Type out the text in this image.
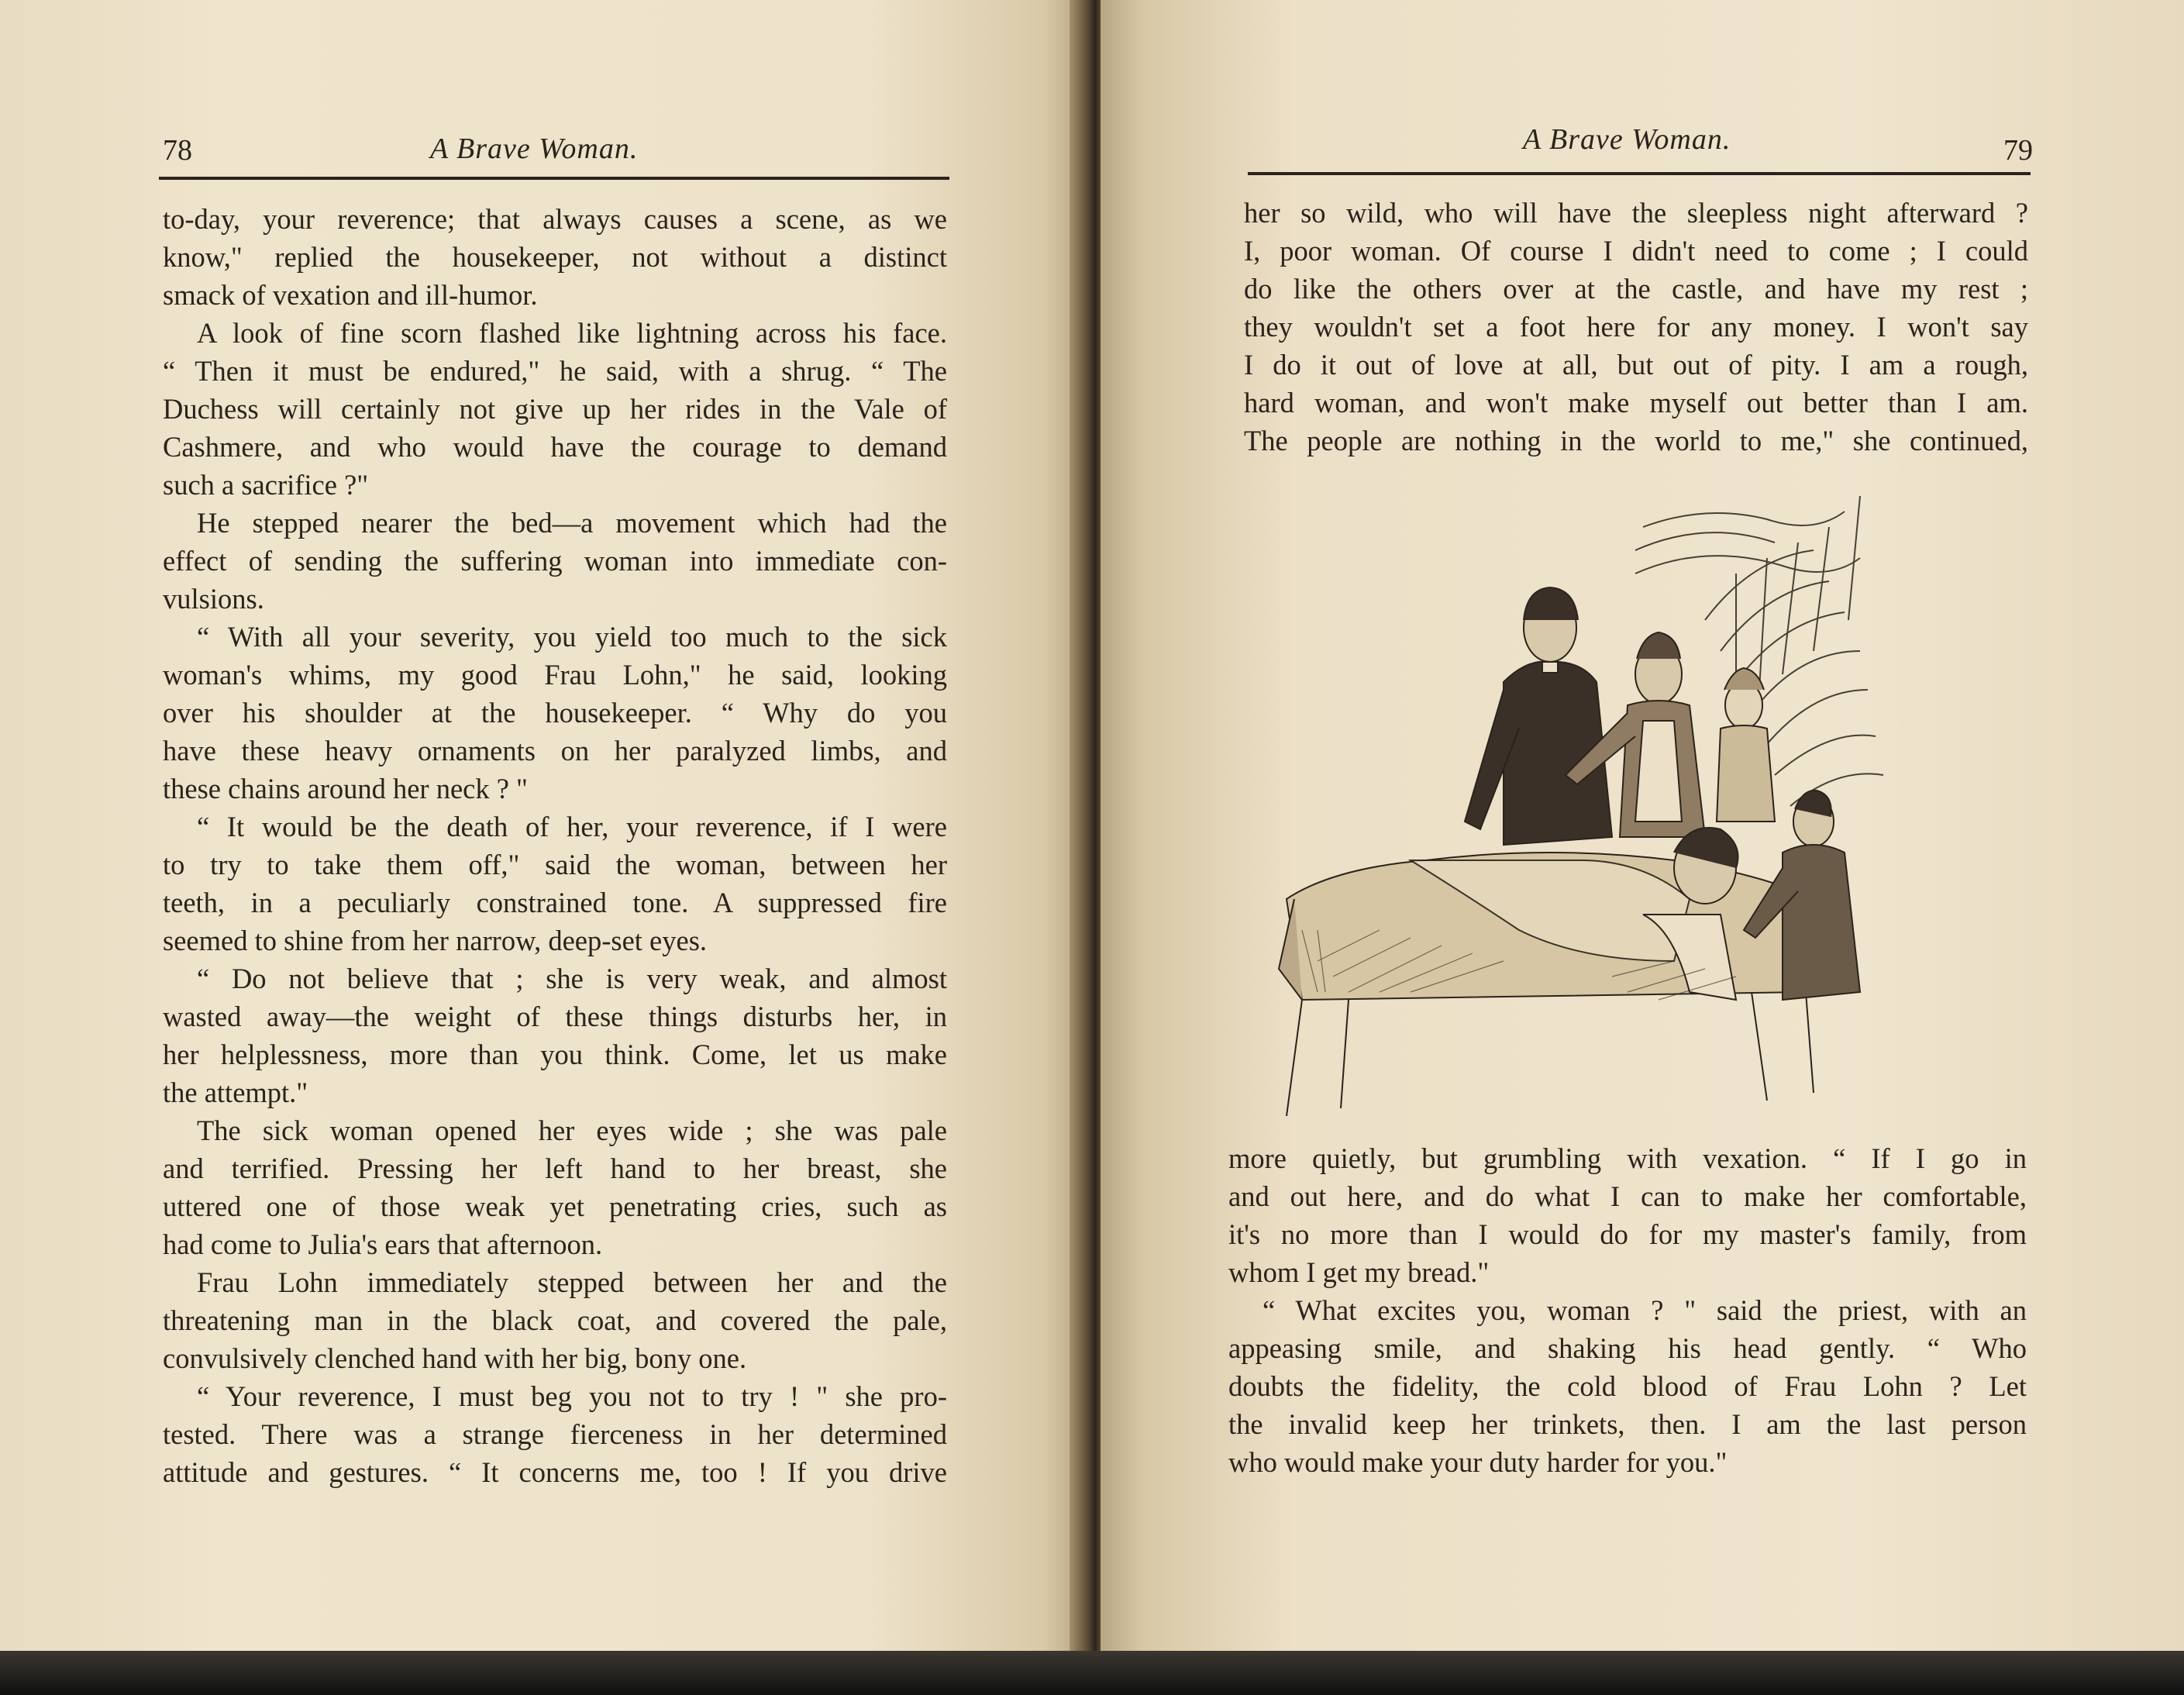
78	A Brave Woman.
to-day, your reverence; that always causes a scene, as we
know," replied the housekeeper, not without a distinct
smack of vexation and ill-humor.
A look of fine scorn flashed like lightning across his face.
“ Then it must be endured," he said, with a shrug. “ The
Duchess will certainly not give up her rides in the Vale of
Cashmere, and who would have the courage to demand
such a sacrifice ?"
He stepped nearer the bed—a movement which had the
effect of sending the suffering woman into immediate con-
vulsions.
“ With all your severity, you yield too much to the sick
woman's whims, my good Frau Lohn," he said, looking
over his shoulder at the housekeeper. “ Why do you
have these heavy ornaments on her paralyzed limbs, and
these chains around her neck ? "
“ It would be the death of her, your reverence, if I were
to try to take them off," said the woman, between her
teeth, in a peculiarly constrained tone. A suppressed fire
seemed to shine from her narrow, deep-set eyes.
“ Do not believe that ; she is very weak, and almost
wasted away—the weight of these things disturbs her, in
her helplessness, more than you think. Come, let us make
the attempt."
The sick woman opened her eyes wide ; she was pale
and terrified. Pressing her left hand to her breast, she
uttered one of those weak yet penetrating cries, such as
had come to Julia's ears that afternoon.
Frau Lohn immediately stepped between her and the
threatening man in the black coat, and covered the pale,
convulsively clenched hand with her big, bony one.
“ Your reverence, I must beg you not to try ! " she pro-
tested. There was a strange fierceness in her determined
attitude and gestures. “ It concerns me, too ! If you drive
A Brave Woman.	79
her so wild, who will have the sleepless night afterward ?
I, poor woman. Of course I didn't need to come ; I could
do like the others over at the castle, and have my rest ;
they wouldn't set a foot here for any money. I won't say
I do it out of love at all, but out of pity. I am a rough,
hard woman, and won't make myself out better than I am.
The people are nothing in the world to me," she continued,
more quietly, but grumbling with vexation. “ If I go in
and out here, and do what I can to make her comfortable,
it's no more than I would do for my master's family, from
whom I get my bread."
“ What excites you, woman ? " said the priest, with an
appeasing smile, and shaking his head gently. “ Who
doubts the fidelity, the cold blood of Frau Lohn ? Let
the invalid keep her trinkets, then. I am the last person
who would make your duty harder for you."
